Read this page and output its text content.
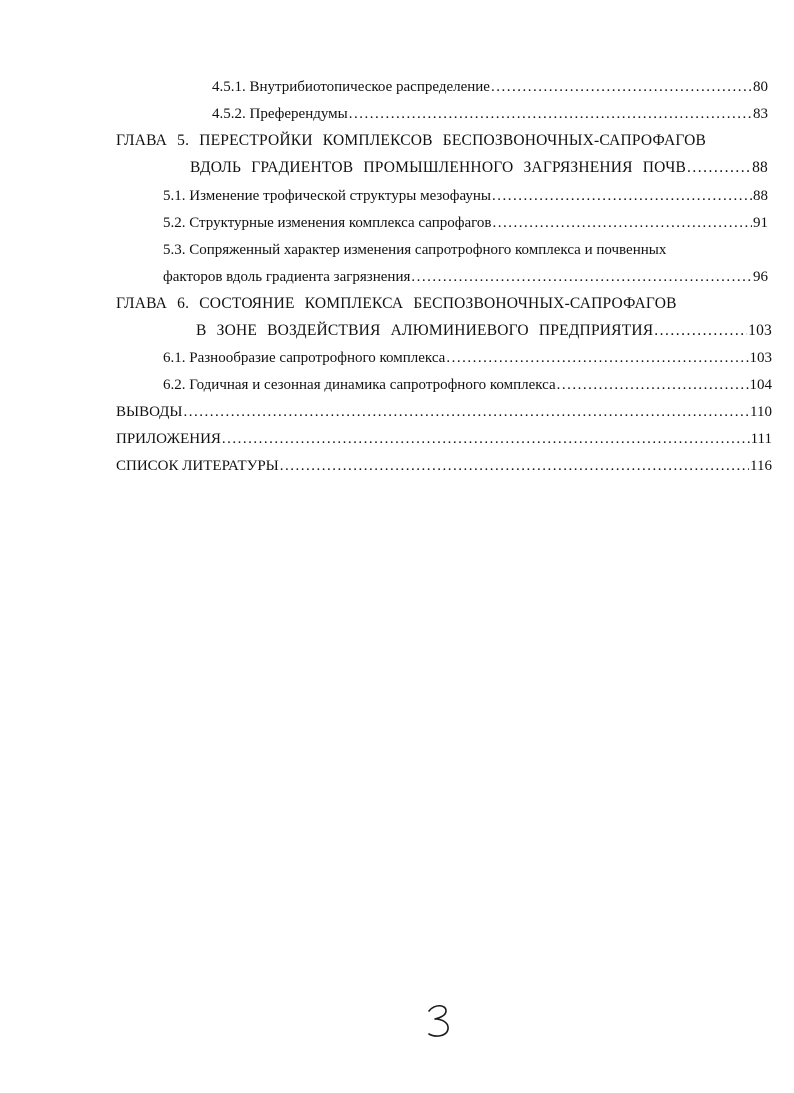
4.5.1. Внутрибиотопическое распределение .....	80
4.5.2. Преферендумы .....	83
ГЛАВА 5. ПЕРЕСТРОЙКИ КОМПЛЕКСОВ БЕСПОЗВОНОЧНЫХ-САПРОФАГОВ
ВДОЛЬ ГРАДИЕНТОВ ПРОМЫШЛЕННОГО ЗАГРЯЗНЕНИЯ ПОЧВ .....	88
5.1. Изменение трофической структуры мезофауны .....	88
5.2. Структурные изменения комплекса сапрофагов .....	91
5.3. Сопряженный характер изменения сапротрофного комплекса и почвенных
факторов вдоль градиента загрязнения .....	96
ГЛАВА 6. СОСТОЯНИЕ КОМПЛЕКСА БЕСПОЗВОНОЧНЫХ-САПРОФАГОВ
В ЗОНЕ ВОЗДЕЙСТВИЯ АЛЮМИНИЕВОГО ПРЕДПРИЯТИЯ .....	103
6.1. Разнообразие сапротрофного комплекса .....	103
6.2. Годичная и сезонная динамика сапротрофного комплекса .....	104
ВЫВОДЫ .....	110
ПРИЛОЖЕНИЯ .....	111
СПИСОК ЛИТЕРАТУРЫ .....	116
